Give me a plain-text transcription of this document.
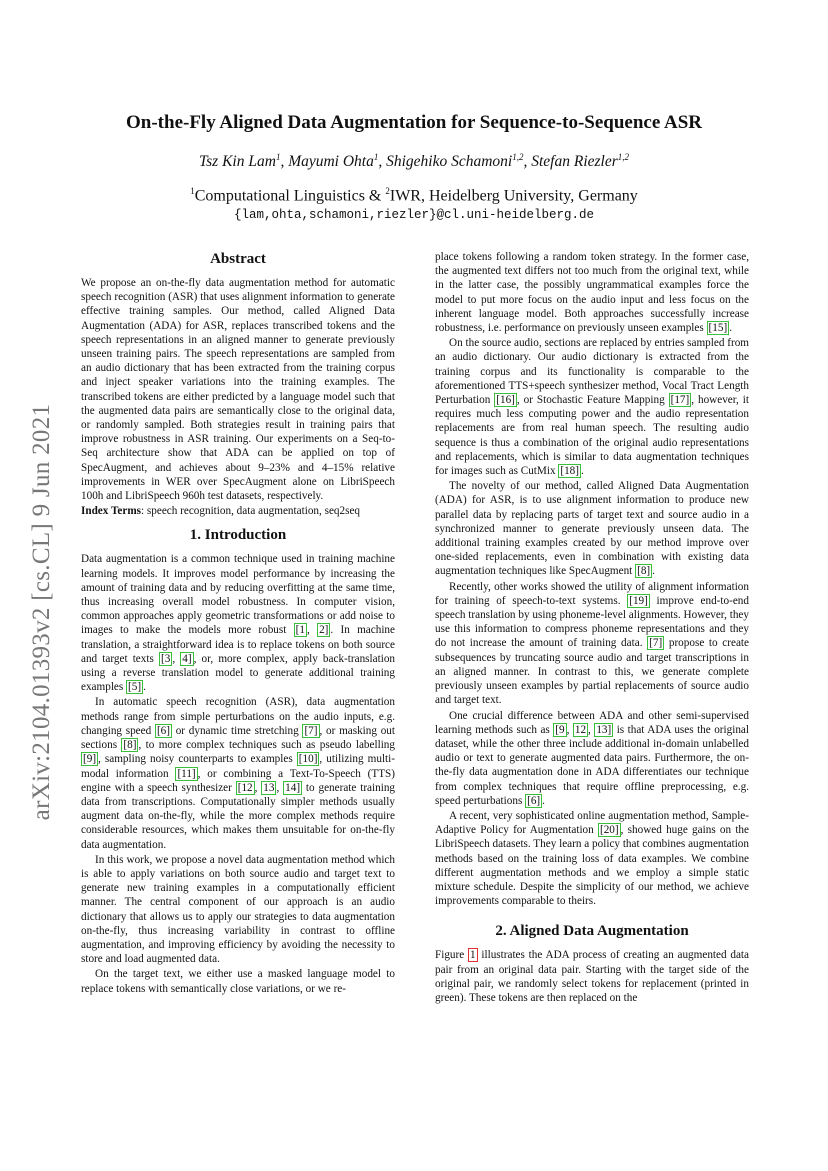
arXiv:2104.01393v2 [cs.CL] 9 Jun 2021
On-the-Fly Aligned Data Augmentation for Sequence-to-Sequence ASR
Tsz Kin Lam$^1$, Mayumi Ohta$^1$, Shigehiko Schamoni$^{1,2}$, Stefan Riezler$^{1,2}$
$^1$Computational Linguistics & $^2$IWR, Heidelberg University, Germany
{lam,ohta,schamoni,riezler}@cl.uni-heidelberg.de
Abstract

We propose an on-the-fly data augmentation method for automatic speech recognition (ASR) that uses alignment information to generate effective training samples. Our method, called Aligned Data Augmentation (ADA) for ASR, replaces transcribed tokens and the speech representations in an aligned manner to generate previously unseen training pairs. The speech representations are sampled from an audio dictionary that has been extracted from the training corpus and inject speaker variations into the training examples. The transcribed tokens are either predicted by a language model such that the augmented data pairs are semantically close to the original data, or randomly sampled. Both strategies result in training pairs that improve robustness in ASR training. Our experiments on a Seq-to-Seq architecture show that ADA can be applied on top of SpecAugment, and achieves about 9–23% and 4–15% relative improvements in WER over SpecAugment alone on LibriSpeech 100h and LibriSpeech 960h test datasets, respectively.

Index Terms: speech recognition, data augmentation, seq2seq

1. Introduction

Data augmentation is a common technique used in training machine learning models. It improves model performance by increasing the amount of training data and by reducing overfitting at the same time, thus increasing overall model robustness. In computer vision, common approaches apply geometric transformations or add noise to images to make the models more robust [1 , 2] . In machine translation, a straightforward idea is to replace tokens on both source and target texts [3 , 4] , or, more complex, apply back-translation using a reverse translation model to generate additional training examples [5] .

In automatic speech recognition (ASR), data augmentation methods range from simple perturbations on the audio inputs, e.g. changing speed [6] or dynamic time stretching [7] , or masking out sections [8] , to more complex techniques such as pseudo labelling [9] , sampling noisy counterparts to examples [10] , utilizing multi-modal information [11] , or combining a Text-To-Speech (TTS) engine with a speech synthesizer [12 , 13 , 14] to generate training data from transcriptions. Computationally simpler methods usually augment data on-the-fly, while the more complex methods require considerable resources, which makes them unsuitable for on-the-fly data augmentation.

In this work, we propose a novel data augmentation method which is able to apply variations on both source audio and target text to generate new training examples in a computationally efficient manner. The central component of our approach is an audio dictionary that allows us to apply our strategies to data augmentation on-the-fly, thus increasing variability in contrast to offline augmentation, and improving efficiency by avoiding the necessity to store and load augmented data.

On the target text, we either use a masked language model to replace tokens with semantically close variations, or we re-

place tokens following a random token strategy. In the former case, the augmented text differs not too much from the original text, while in the latter case, the possibly ungrammatical examples force the model to put more focus on the audio input and less focus on the inherent language model. Both approaches successfully increase robustness, i.e. performance on previously unseen examples [15] .

On the source audio, sections are replaced by entries sampled from an audio dictionary. Our audio dictionary is extracted from the training corpus and its functionality is comparable to the aforementioned TTS+speech synthesizer method, Vocal Tract Length Perturbation [16] , or Stochastic Feature Mapping [17] , however, it requires much less computing power and the audio representation replacements are from real human speech. The resulting audio sequence is thus a combination of the original audio representations and replacements, which is similar to data augmentation techniques for images such as CutMix [18] .

The novelty of our method, called Aligned Data Augmentation (ADA) for ASR, is to use alignment information to produce new parallel data by replacing parts of target text and source audio in a synchronized manner to generate previously unseen data. The additional training examples created by our method improve over one-sided replacements, even in combination with existing data augmentation techniques like SpecAugment [8] .

Recently, other works showed the utility of alignment information for training of speech-to-text systems. [19] improve end-to-end speech translation by using phoneme-level alignments. However, they use this information to compress phoneme representations and they do not increase the amount of training data. [7] propose to create subsequences by truncating source audio and target transcriptions in an aligned manner. In contrast to this, we generate complete previously unseen examples by partial replacements of source audio and target text.

One crucial difference between ADA and other semi-supervised learning methods such as [9 , 12 , 13] is that ADA uses the original dataset, while the other three include additional in-domain unlabelled audio or text to generate augmented data pairs. Furthermore, the on-the-fly data augmentation done in ADA differentiates our technique from complex techniques that require offline preprocessing, e.g. speed perturbations [6] .

A recent, very sophisticated online augmentation method, Sample-Adaptive Policy for Augmentation [20] , showed huge gains on the LibriSpeech datasets. They learn a policy that combines augmentation methods based on the training loss of data examples. We combine different augmentation methods and we employ a simple static mixture schedule. Despite the simplicity of our method, we achieve improvements comparable to theirs.

2. Aligned Data Augmentation

Figure 1 illustrates the ADA process of creating an augmented data pair from an original data pair. Starting with the target side of the original pair, we randomly select tokens for replacement (printed in green). These tokens are then replaced on the
